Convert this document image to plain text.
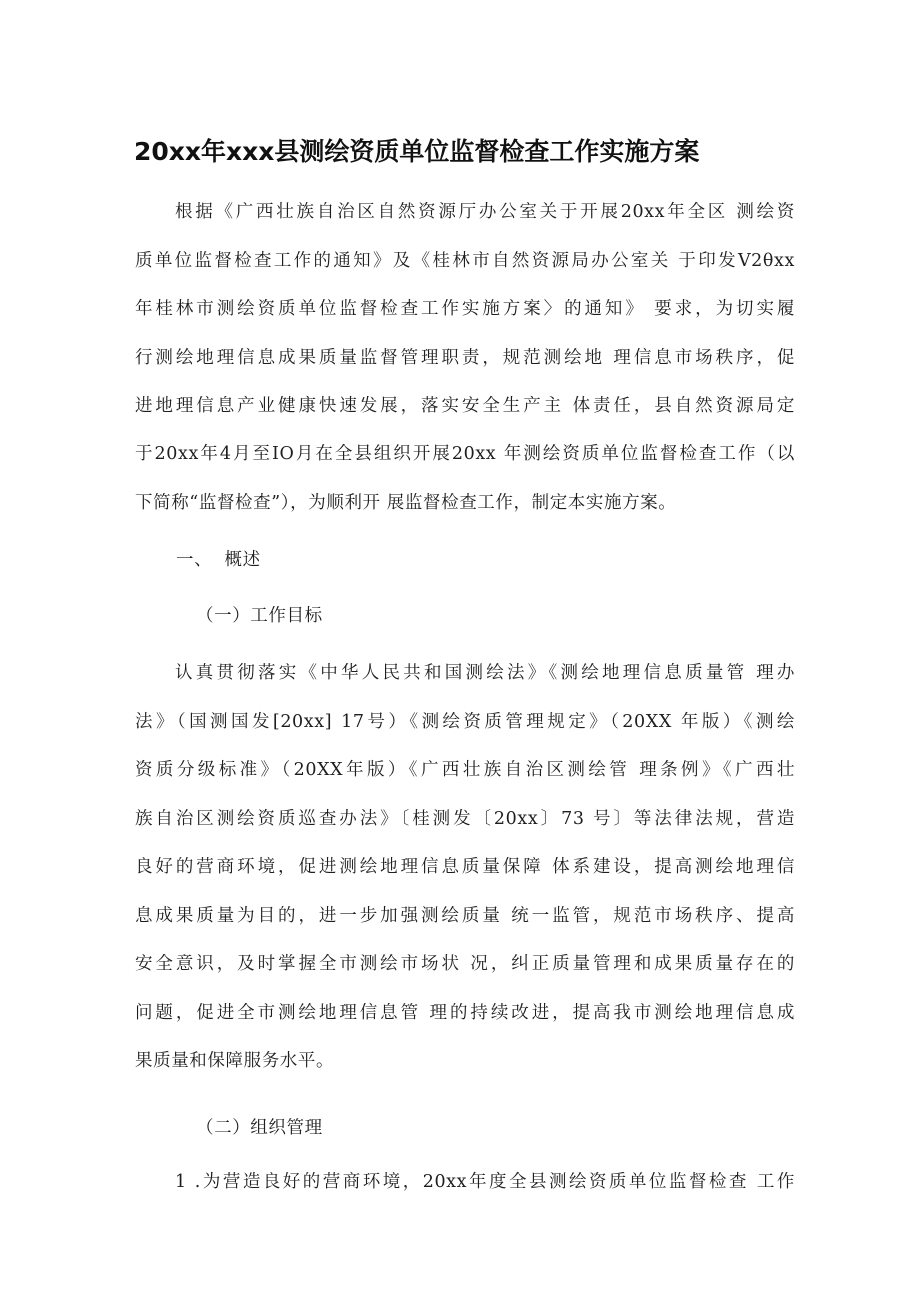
20xx年xxx县测绘资质单位监督检查工作实施方案
根据《广西壮族自治区自然资源厅办公室关于开展20xx年全区 测绘资
质单位监督检查工作的通知》及《桂林市自然资源局办公室关 于印发V2θxx
年桂林市测绘资质单位监督检查工作实施方案〉的通知》 要求，为切实履
行测绘地理信息成果质量监督管理职责，规范测绘地 理信息市场秩序，促
进地理信息产业健康快速发展，落实安全生产主 体责任，县自然资源局定
于20xx年4月至IO月在全县组织开展20xx 年测绘资质单位监督检查工作（以
下简称“监督检查”），为顺利开 展监督检查工作，制定本实施方案。
一、  概述
（一）工作目标
认真贯彻落实《中华人民共和国测绘法》《测绘地理信息质量管 理办
法》（国测国发[20xx] 17号）《测绘资质管理规定》（20XX 年版）《测绘
资质分级标准》（20XX年版）《广西壮族自治区测绘管 理条例》《广西壮
族自治区测绘资质巡查办法》〔桂测发〔20xx〕73 号〕等法律法规，营造
良好的营商环境，促进测绘地理信息质量保障 体系建设，提高测绘地理信
息成果质量为目的，进一步加强测绘质量 统一监管，规范市场秩序、提高
安全意识，及时掌握全市测绘市场状 况，纠正质量管理和成果质量存在的
问题，促进全市测绘地理信息管 理的持续改进，提高我市测绘地理信息成
果质量和保障服务水平。
（二）组织管理
1 .为营造良好的营商环境，20xx年度全县测绘资质单位监督检查 工作
